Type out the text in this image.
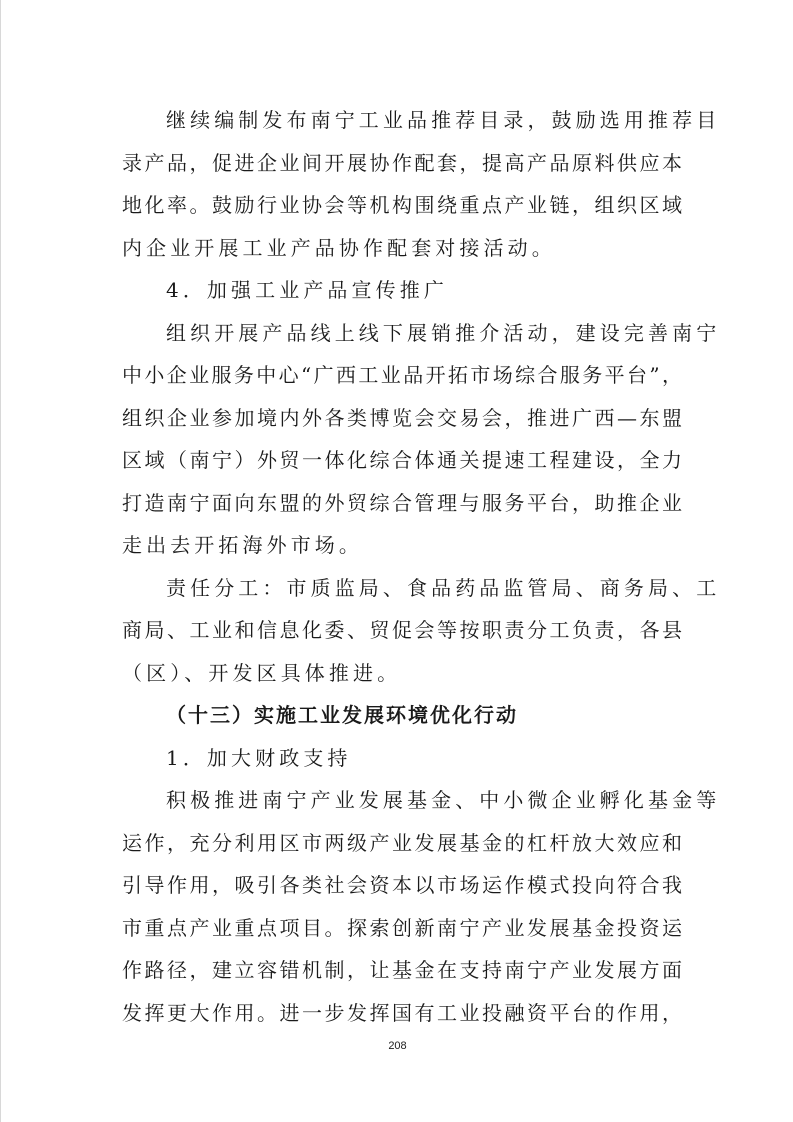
继续编制发布南宁工业品推荐目录，鼓励选用推荐目
录产品，促进企业间开展协作配套，提高产品原料供应本
地化率。鼓励行业协会等机构围绕重点产业链，组织区域
内企业开展工业产品协作配套对接活动。
4．加强工业产品宣传推广
组织开展产品线上线下展销推介活动，建设完善南宁
中小企业服务中心“广西工业品开拓市场综合服务平台”，
组织企业参加境内外各类博览会交易会，推进广西—东盟
区域（南宁）外贸一体化综合体通关提速工程建设，全力
打造南宁面向东盟的外贸综合管理与服务平台，助推企业
走出去开拓海外市场。
责任分工：市质监局、食品药品监管局、商务局、工
商局、工业和信息化委、贸促会等按职责分工负责，各县
（区）、开发区具体推进。
（十三）实施工业发展环境优化行动
1．加大财政支持
积极推进南宁产业发展基金、中小微企业孵化基金等
运作，充分利用区市两级产业发展基金的杠杆放大效应和
引导作用，吸引各类社会资本以市场运作模式投向符合我
市重点产业重点项目。探索创新南宁产业发展基金投资运
作路径，建立容错机制，让基金在支持南宁产业发展方面
发挥更大作用。进一步发挥国有工业投融资平台的作用，
208
